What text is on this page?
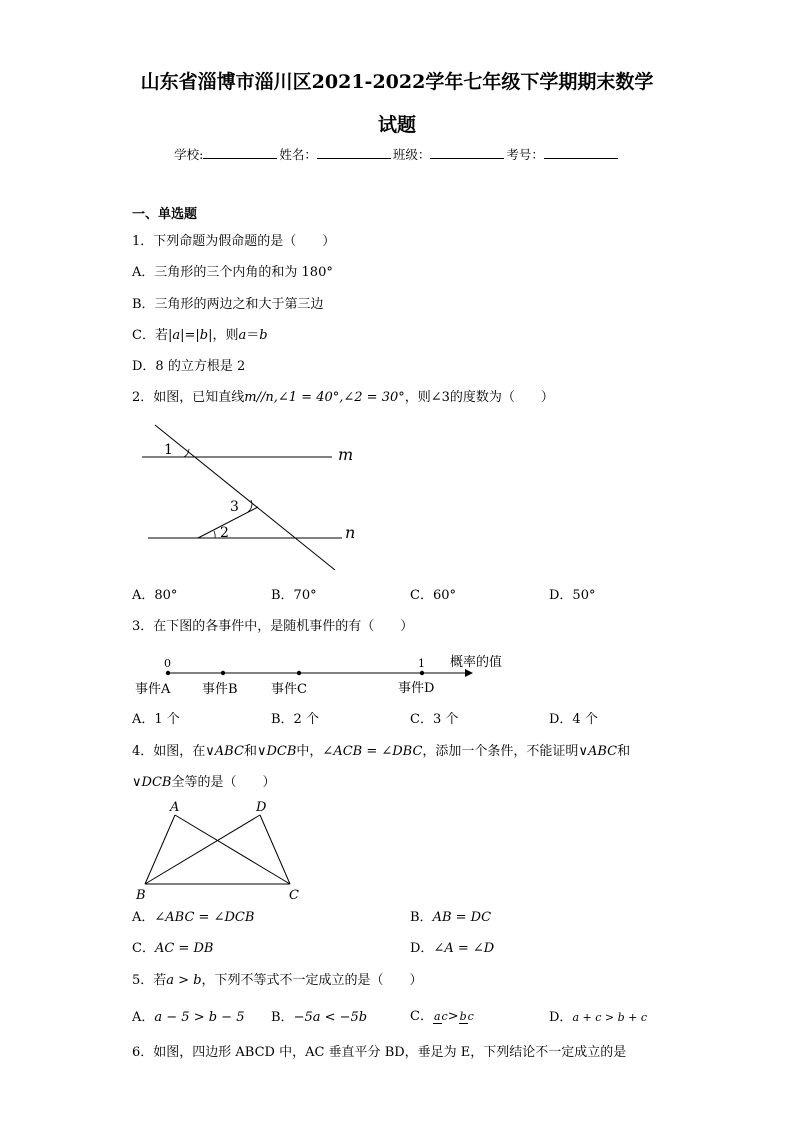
山东省淄博市淄川区2021-2022学年七年级下学期期末数学
试题
学校:	姓名：	班级：	考号：
一、单选题
1．下列命题为假命题的是（　　）
A．三角形的三个内角的和为 180°
B．三角形的两边之和大于第三边
C．若|a|=|b|，则a＝b
D．8 的立方根是 2
2．如图，已知直线m//n,∠1 = 40°,∠2 = 30°，则∠3的度数为（　　）
1
2
3
m
n
A．80°	B．70°	C．60°	D．50°
3．在下图的各事件中，是随机事件的有（　　）
0	1 概率的值
事件A 事件B	事件C	事件D
A．1 个	B．2 个	C．3 个	D．4 个
4．如图，在∨ABC和∨DCB中，∠ACB = ∠DBC，添加一个条件，不能证明∨ABC和
∨DCB全等的是（　　）
A	D
B	C
A．∠ABC = ∠DCB	B．AB = DC
C．AC = DB	D．∠A = ∠D
5．若a > b，下列不等式不一定成立的是（　　）
A．a − 5 > b − 5 B．−5a < −5b	C．ac>bc	D．a + c > b + c
6．如图，四边形 ABCD 中，AC 垂直平分 BD，垂足为 E，下列结论不一定成立的是
